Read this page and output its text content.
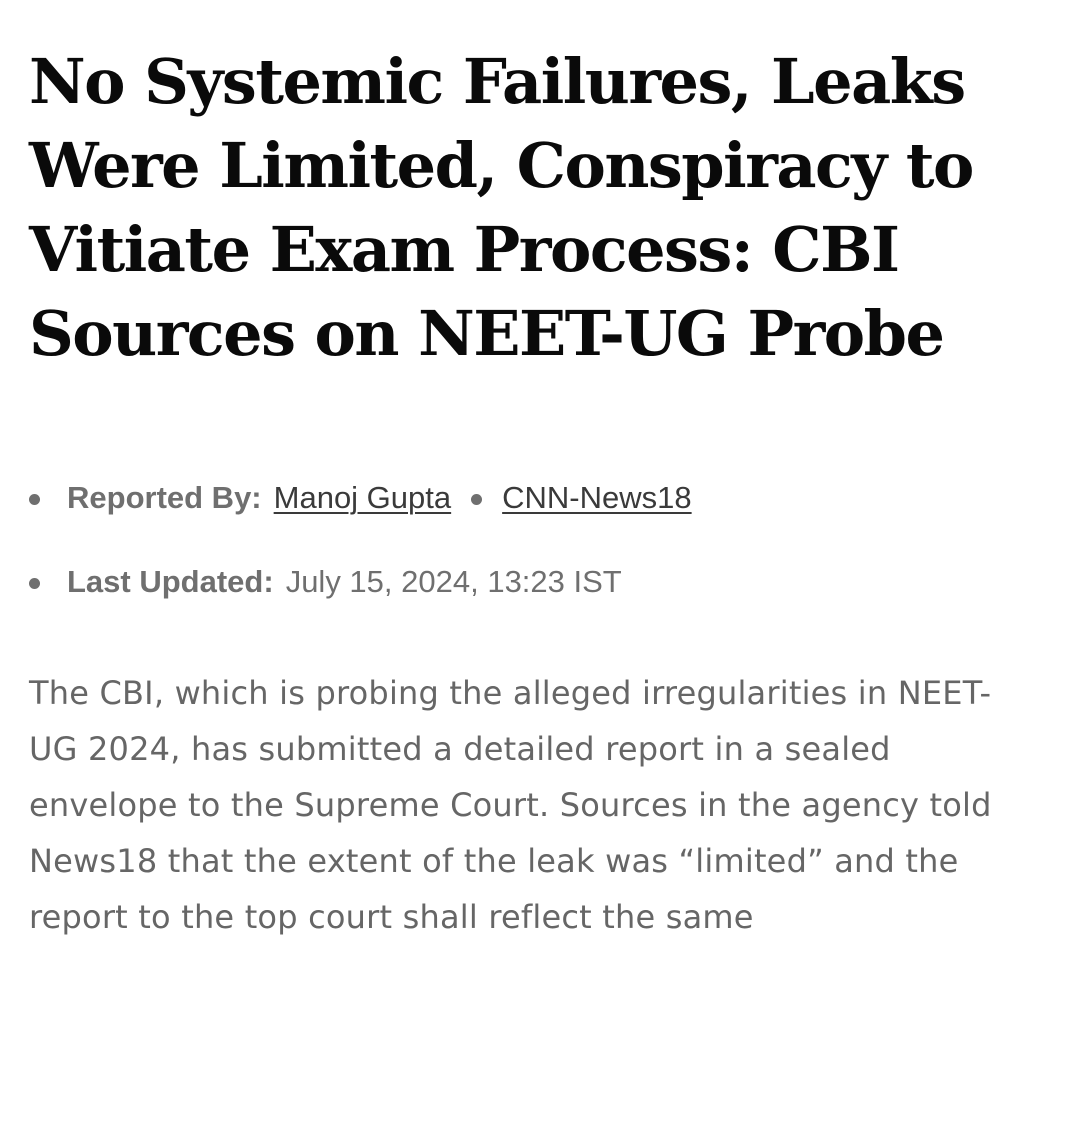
No Systemic Failures, Leaks Were Limited, Conspiracy to Vitiate Exam Process: CBI Sources on NEET-UG Probe
Reported By: Manoj Gupta CNN-News18
Last Updated: July 15, 2024, 13:23 IST

The CBI, which is probing the alleged irregularities in NEET-UG 2024, has submitted a detailed report in a sealed envelope to the Supreme Court. Sources in the agency told News18 that the extent of the leak was “limited” and the report to the top court shall reflect the same
